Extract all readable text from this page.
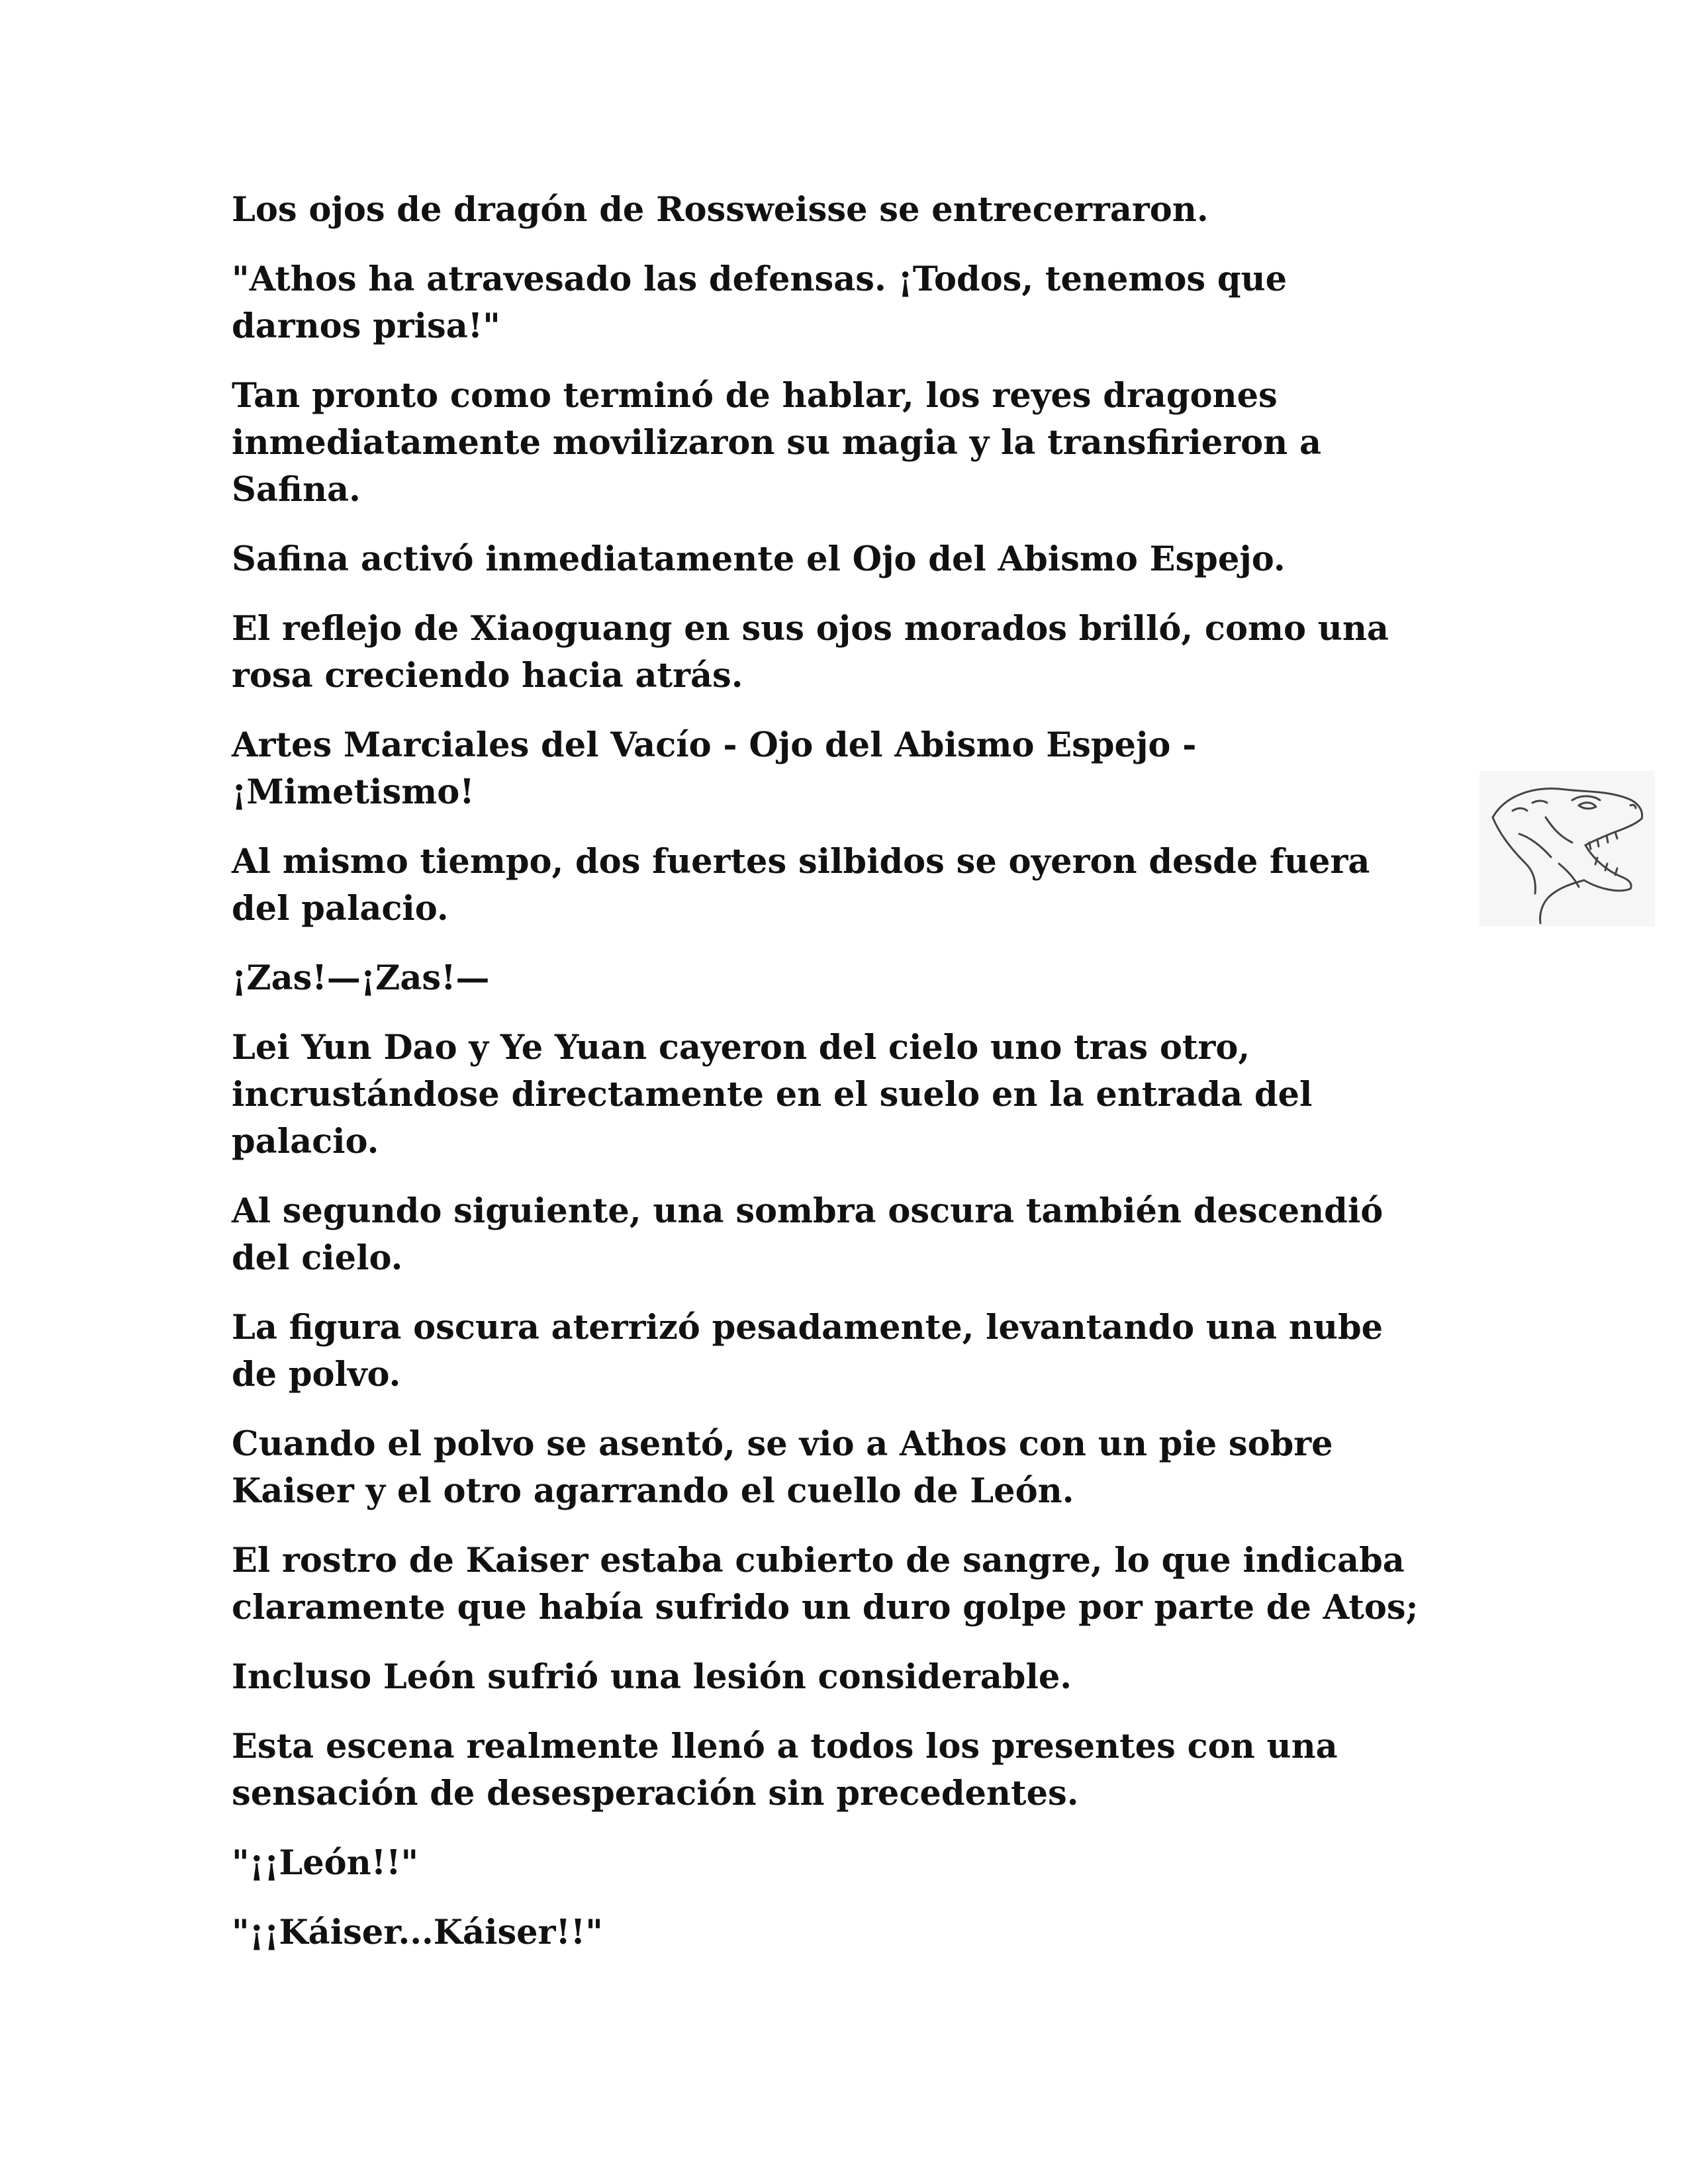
Los ojos de dragón de Rossweisse se entrecerraron.

"Athos ha atravesado las defensas. ¡Todos, tenemos que
darnos prisa!"

Tan pronto como terminó de hablar, los reyes dragones
inmediatamente movilizaron su magia y la transfirieron a
Safina.

Safina activó inmediatamente el Ojo del Abismo Espejo.

El reflejo de Xiaoguang en sus ojos morados brilló, como una
rosa creciendo hacia atrás.

Artes Marciales del Vacío - Ojo del Abismo Espejo -
¡Mimetismo!

Al mismo tiempo, dos fuertes silbidos se oyeron desde fuera
del palacio.

¡Zas!—¡Zas!—

Lei Yun Dao y Ye Yuan cayeron del cielo uno tras otro,
incrustándose directamente en el suelo en la entrada del
palacio.

Al segundo siguiente, una sombra oscura también descendió
del cielo.

La figura oscura aterrizó pesadamente, levantando una nube
de polvo.

Cuando el polvo se asentó, se vio a Athos con un pie sobre
Kaiser y el otro agarrando el cuello de León.

El rostro de Kaiser estaba cubierto de sangre, lo que indicaba
claramente que había sufrido un duro golpe por parte de Atos;

Incluso León sufrió una lesión considerable.

Esta escena realmente llenó a todos los presentes con una
sensación de desesperación sin precedentes.

"¡¡León!!"

"¡¡Káiser...Káiser!!"
